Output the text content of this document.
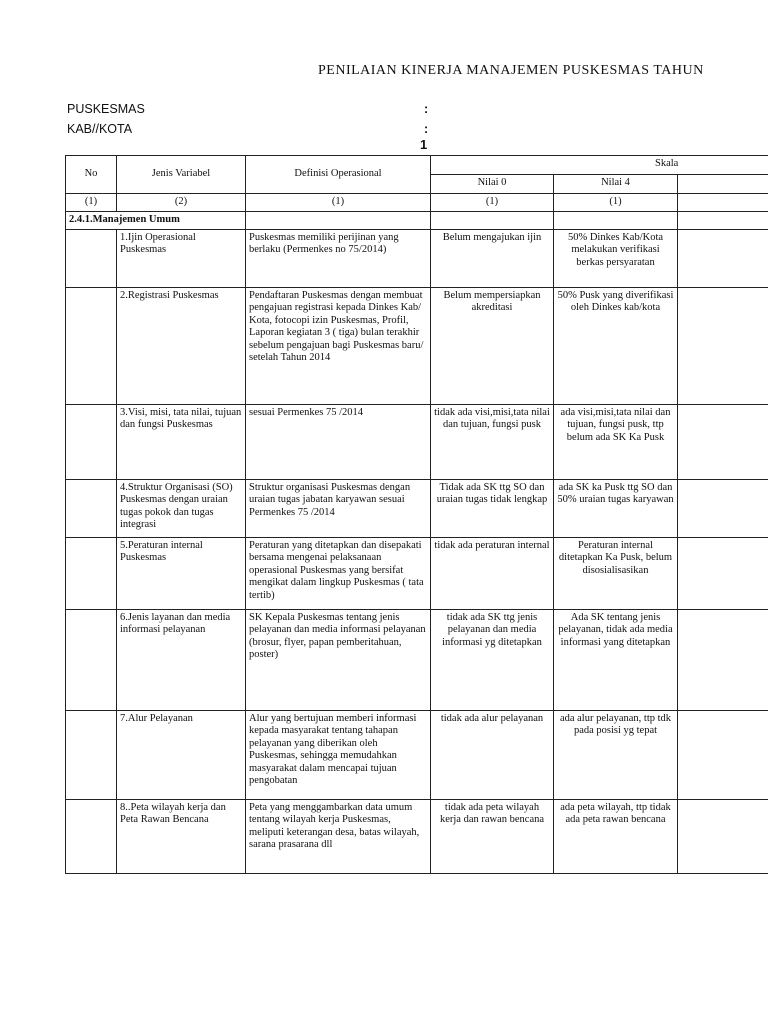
PENILAIAN KINERJA MANAJEMEN PUSKESMAS TAHUN
PUSKESMAS	:
KAB//KOTA	:
1
No	Jenis Variabel	Definisi Operasional	Skala		
			Nilai 0	Nilai 4	
(1)	(2)	(1)	(1)	(1)	
2.4.1.Manajemen Umum					
	1.Ijin Operasional Puskesmas	Puskesmas memiliki perijinan yang berlaku (Permenkes no 75/2014)	Belum mengajukan ijin	50% Dinkes Kab/Kota melakukan verifikasi berkas persyaratan	
	2.Registrasi Puskesmas	Pendaftaran Puskesmas dengan membuat pengajuan registrasi kepada Dinkes Kab/ Kota, fotocopi izin Puskesmas, Profil, Laporan kegiatan 3 ( tiga) bulan terakhir sebelum pengajuan bagi Puskesmas baru/ setelah Tahun 2014	Belum mempersiapkan akreditasi	50% Pusk yang diverifikasi oleh Dinkes kab/kota	
	3.Visi, misi, tata nilai, tujuan dan fungsi Puskesmas	sesuai Permenkes 75 /2014	tidak ada visi,misi,tata nilai dan tujuan, fungsi pusk	ada visi,misi,tata nilai dan tujuan, fungsi pusk, ttp belum ada SK Ka Pusk	
	4.Struktur Organisasi (SO) Puskesmas dengan uraian tugas pokok dan tugas integrasi	Struktur organisasi Puskesmas dengan uraian tugas jabatan karyawan sesuai Permenkes 75 /2014	Tidak ada SK ttg SO dan uraian tugas tidak lengkap	ada SK ka Pusk ttg SO dan 50% uraian tugas karyawan	
	5.Peraturan internal Puskesmas	Peraturan yang ditetapkan dan disepakati bersama mengenai pelaksanaan operasional Puskesmas yang bersifat mengikat dalam lingkup Puskesmas ( tata tertib)	tidak ada peraturan internal	Peraturan internal ditetapkan Ka Pusk, belum disosialisasikan	
	6.Jenis layanan dan media informasi pelayanan	SK Kepala Puskesmas tentang jenis pelayanan dan media informasi pelayanan (brosur, flyer, papan pemberitahuan, poster)	tidak ada SK ttg jenis pelayanan dan media informasi yg ditetapkan	Ada SK tentang jenis pelayanan, tidak ada media informasi yang ditetapkan	
	7.Alur Pelayanan	Alur yang bertujuan memberi informasi kepada masyarakat tentang tahapan pelayanan yang diberikan oleh Puskesmas, sehingga memudahkan masyarakat dalam mencapai tujuan pengobatan	tidak ada alur pelayanan	ada alur pelayanan, ttp tdk pada posisi yg tepat	
	8..Peta wilayah kerja dan Peta Rawan Bencana	Peta yang menggambarkan data umum tentang wilayah kerja Puskesmas, meliputi keterangan desa, batas wilayah, sarana prasarana dll	tidak ada peta wilayah kerja dan rawan bencana	ada peta wilayah, ttp tidak ada peta rawan bencana	
